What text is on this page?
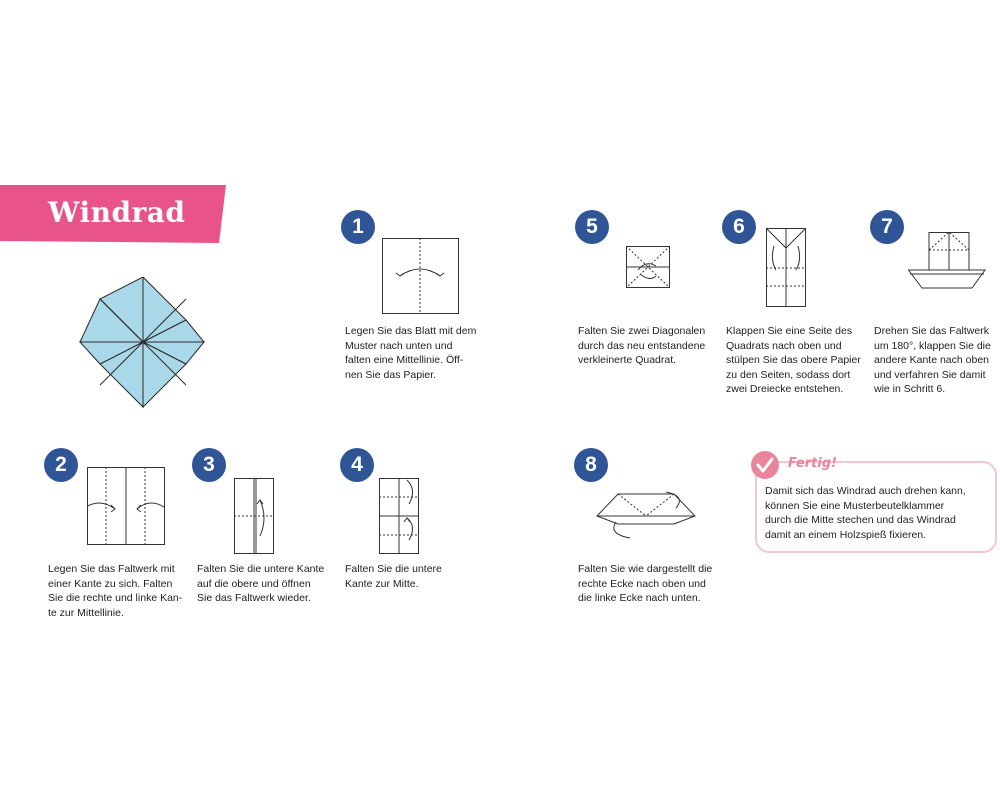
Windrad	1
Legen Sie das Blatt mit dem
Muster nach unten und
falten eine Mittellinie. Öff-
nen Sie das Papier.
5
Falten Sie zwei Diagonalen
durch das neu entstandene
verkleinerte Quadrat.
6
Klappen Sie eine Seite des
Quadrats nach oben und
stülpen Sie das obere Papier
zu den Seiten, sodass dort
zwei Dreiecke entstehen.
7
Drehen Sie das Faltwerk
um 180°, klappen Sie die
andere Kante nach oben
und verfahren Sie damit
wie in Schritt 6.
2
Legen Sie das Faltwerk mit
einer Kante zu sich. Falten
Sie die rechte und linke Kan-
te zur Mittellinie.
3
Falten Sie die untere Kante
auf die obere und öffnen
Sie das Faltwerk wieder.
4
Falten Sie die untere
Kante zur Mitte.
8
Falten Sie wie dargestellt die
rechte Ecke nach oben und
die linke Ecke nach unten.
Fertig!
Damit sich das Windrad auch drehen kann,
können Sie eine Musterbeutelklammer
durch die Mitte stechen und das Windrad
damit an einem Holzspieß fixieren.
